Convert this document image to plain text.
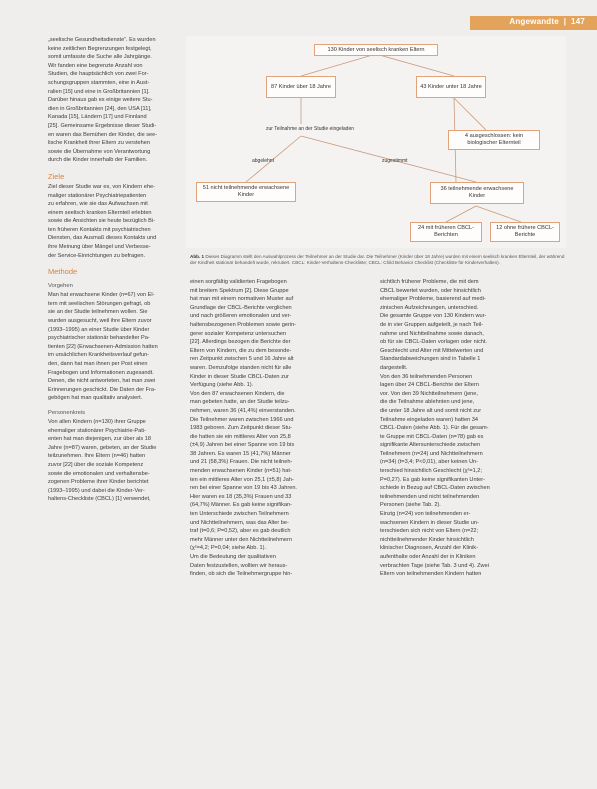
Angewandte  |  147

„seelische Gesundheitsdienste“. Es wurden

keine zeitlichen Begrenzungen festgelegt,

somit umfasste die Suche alle Jahrgänge.

Wir fanden eine begrenzte Anzahl von

Studien, die hauptsächlich von zwei For-

schungsgruppen stammten, eine in Aust-

ralien [15] und eine in Großbritannien [1].

Darüber hinaus gab es einige weitere Stu-

dien in Großbritannien [24], den USA [11],

Kanada [15], Ländern [17] und Finnland

[25]. Gemeinsame Ergebnisse dieser Studi-

en waren das Bemühen der Kinder, die see-

lische Krankheit ihrer Eltern zu verstehen

sowie die Übernahme von Verantwortung

durch die Kinder innerhalb der Familien.

Ziele

Ziel dieser Studie war es, von Kindern ehe-

maliger stationärer Psychiatriepatienten

zu erfahren, wie sie das Aufwachsen mit

einem seelisch kranken Elternteil erlebten

sowie die Ansichten sie heute bezüglich Bi-

ten früheren Kontakts mit psychiatrischen

Diensten, das Ausmaß dieses Kontakts und

ihre Meinung über Mängel und Verbesse-

der Service-Einrichtungen zu befragen.

Methode
Vorgehen

Man hat erwachsene Kinder (n=67) von El-

tern mit seelischen Störungen gefragt, ob

sie an der Studie teilnehmen wollen. Sie

wurden ausgesucht, weil ihre Eltern zuvor

(1993–1995) an einer Studie über Kinder

psychiatrischer stationär behandelter Pa-

tienten [22] (Erwachsenen-Admission hatten

im ursächlichen Krankheitsverlauf gefun-

den, dann hat man ihnen per Post einen

Fragebogen und Informationen zugesandt.

Denen, die nicht antworteten, hat man zwei

Erinnerungen geschickt. Die Daten der Fra-

gebögen hat man qualitativ analysiert.

Personenkreis

Von allen Kindern (n=130) ihrer Gruppe

ehemaliger stationärer Psychiatrie-Pati-

enten hat man diejenigen, zur über als 18

Jahre (n=87) waren, gebeten, an der Studie

teilzunehmen. Ihre Eltern (n=46) hatten

zuvor [22] über die soziale Kompetenz

sowie die emotionalen und verhaltensbe-

zogenen Probleme ihrer Kinder berichtet

(1993–1995) und dabei die Kinder-Ver-

haltens-Checkliste (CBCL) [1] verwendet,

130 Kinder von seelisch kranken Eltern
87 Kinder über 18 Jahre	43 Kinder unter 18 Jahre
4 ausgeschlossen: kein biologischer Elternteil
zur Teilnahme an der Studie eingeladen
abgelehnt	zugestimmt
51 nicht teilnehmende erwachsene Kinder
36 teilnehmende erwachsene Kinder
24 mit früheren CBCL-Berichten
12 ohne frühere CBCL-Berichte
Abb. 1 Dieses Diagramm stellt den Auswahlprozess der Teilnehmer an der Studie dar. Die Teilnehmer (Kinder über 18 Jahre) wurden mit einem seelisch kranken Elternteil, der während der Kindheit stationär behandelt wurde, rekrutiert. CBCL: Kinder-Verhaltens-Checkliste; CBCL: Child Behavior Checklist (Checkliste für Kinderverhalten).

einen sorgfältig validierten Fragebogen

mit breitem Spektrum [2]. Diese Gruppe

hat man mit einem normativen Muster auf

Grundlage der CBCL-Berichte verglichen

und nach größeren emotionalen und ver-

haltensbezogenen Problemen sowie gerin-

gerer sozialer Kompetenz untersuchen

[22]. Allerdings bezogen die Berichte der

Eltern von Kindern, die zu dem besonde-

ren Zeitpunkt zwischen 5 und 16 Jahre alt

waren. Demzufolge standen nicht für alle

Kinder in dieser Studie CBCL-Daten zur

Verfügung (siehe Abb. 1).

Von den 87 erwachsenen Kindern, die

man gebeten hatte, an der Studie teilzu-

nehmen, waren 36 (41,4%) einverstanden.

Die Teilnehmer waren zwischen 1966 und

1983 geboren. Zum Zeitpunkt dieser Stu-

die hatten sie ein mittleres Alter von 25,8

(±4,9) Jahren bei einer Spanne von 19 bis

38 Jahren. Es waren 15 (41,7%) Männer

und 21 (58,3%) Frauen. Die nicht teilneh-

menden erwachsenen Kinder (n=51) hat-

ten ein mittleres Alter von 25,1 (±5,8) Jah-

ren bei einer Spanne von 19 bis 43 Jahren.

Hier waren es 18 (35,3%) Frauen und 33

(64,7%) Männer. Es gab keine signifikan-

ten Unterschiede zwischen Teilnehmern

und Nichtteilnehmern, was das Alter be-

traf (t=0,6; P=0,52), aber es gab deutlich

mehr Männer unter den Nichtteilnehmern

(χ²=4,2; P=0,04; siehe Abb. 1).

Um die Bedeutung der qualitativen

Daten festzustellen, wollten wir heraus-

finden, ob sich die Teilnehmergruppe hin-

sichtlich früherer Probleme, die mit dem

CBCL bewertet wurden, oder hinsichtlich

ehemaliger Probleme, basierend auf medi-

zinischen Aufzeichnungen, unterschied.

Die gesamte Gruppe von 130 Kindern wur-

de in vier Gruppen aufgeteilt, je nach Teil-

nahme und Nichtteilnahme sowie danach,

ob für sie CBCL-Daten vorlagen oder nicht.

Geschlecht und Alter mit Mittelwerten und

Standardabweichungen sind in Tabelle 1

dargestellt.

Von den 36 teilnehmenden Personen

lagen über 24 CBCL-Berichte der Eltern

vor. Von den 39 Nichtteilnehmern (jene,

die die Teilnahme ablehnten und jene,

die unter 18 Jahre alt und somit nicht zur

Teilnahme eingeladen waren) hatten 34

CBCL-Daten (siehe Abb. 1). Für die gesam-

te Gruppe mit CBCL-Daten (n=78) gab es

signifikante Altersunterschiede zwischen

Teilnehmern (n=24) und Nichtteilnehmern

(n=34) (t=3,4; P<0,01), aber keinen Un-

terschied hinsichtlich Geschlecht (χ²=1,2;

P=0,27). Es gab keine signifikanten Unter-

schiede in Bezug auf CBCL-Daten zwischen

teilnehmenden und nicht teilnehmenden

Personen (siehe Tab. 2).

Einzig (n=24) von teilnehmenden er-

wachsenen Kindern in dieser Studie un-

terschieden sich nicht von Eltern (n=22;

nichtteilnehmender Kinder hinsichtlich

klinischer Diagnosen, Anzahl der Klinik-

aufenthalte oder Anzahl der in Kliniken

verbrachten Tage (siehe Tab. 3 und 4). Zwei

Eltern von teilnehmenden Kindern hatten
